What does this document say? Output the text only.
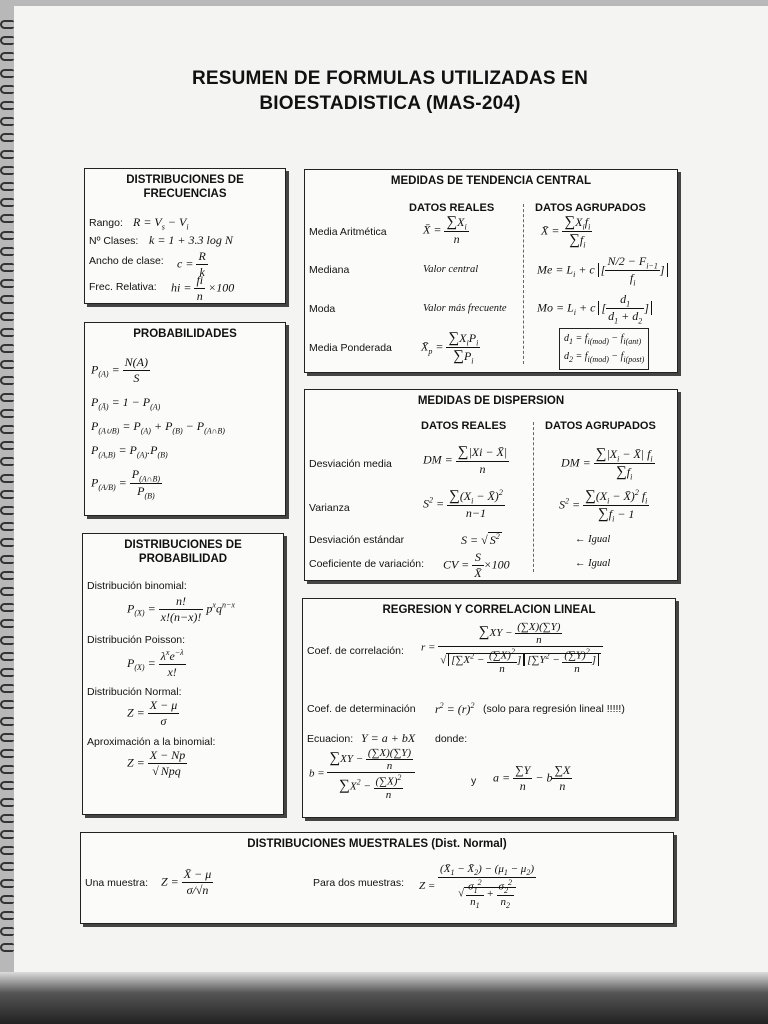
RESUMEN DE FORMULAS UTILIZADAS EN
BIOESTADISTICA (MAS-204)
DISTRIBUCIONES DE
FRECUENCIAS
Rango: $R = V_s - V_i$
Nº Clases: k = 1 + 3.3 log N
Ancho de clase: $c = \frac{R}{k}$
Frec. Relativa: hi = $\frac{fi}{n} \times 100$
MEDIDAS DE TENDENCIA CENTRAL
DATOS REALES	DATOS AGRUPADOS
Media Aritmética	X̄ = $\frac{\sum X_i}{n}$	X̄ = $\frac{\sum X_if_i}{\sum f_i}$
Mediana	Valor central	$Me = L_i + c$ [ $\frac{N/2 - F_{i-1}}{f_i}$ ]
Moda	Valor más frecuente	$Mo = L_i + c$ [ $\frac{d_1}{d_1 + d_2}$ ]
Media Ponderada $X̄_p = \frac{\sum X_iP_i}{\sum P_i}$	$d_1 = f_{i(mod)} - f_{i(ant)}$
$d_2 = f_{i(mod)} - f_{i(post)}$
PROBABILIDADES
$P_{(A)} = \frac{N(A)}{S}$
$P_{(Ā)} = 1 - P_{(A)}$
$P_{(A\cup B)} = P_{(A)} + P_{(B)} - P_{(A\cap B)}$
$P_{(A,B)} = P_{(A)}.P_{(B)}$
$P_{(A/B)} = \frac{P_{(A\cap B)}}{P_{(B)}}$
MEDIDAS DE DISPERSION
DATOS REALES	DATOS AGRUPADOS
Desviación media	DM = $\frac{\sum|Xi - X̄|}{n}$	DM = $\frac{\sum|X_i - X̄| f_i}{\sum f_i}$
Varianza	$S^2 = \frac{\sum(X_i - X̄)^2}{n-1}$	$S^2 = \frac{\sum(X_i - X̄)^2 f_i}{\sum f_i - 1}$
Desviación estándar	S = √ $S^2$	← Igual
Coeficiente de variación: CV = $\frac{S}{X̄} \times 100$	← Igual
DISTRIBUCIONES DE
PROBABILIDAD
Distribución binomial:
$P_{(X)} = \frac{n!}{x!(n-x)!} p^xq^{n-x}$
Distribución Poisson:
$P_{(X)} = \frac{\lambda^xe^{-\lambda}}{x!}$
Distribución Normal:
$Z = \frac{X - \mu}{\sigma}$
Aproximación a la binomial:
$Z = \frac{X - Np}{\text{√ Npq}}$
REGRESION Y CORRELACION LINEAL
Coef. de correlación: $r = \frac{\sum XY - \frac{(\sum X)(\sum Y)}{n}}{√ [\sum X^2 - \frac{(\sum X)^2}{n} ] [\sum Y^2 - \frac{(\sum Y)^2}{n} ]}$
Coef. de determinación $r^2 = (r)^2$ (solo para regresión lineal !!!!!)
Ecuacion: Y = a + bX donde:
$b = \frac{\sum XY - \frac{(\sum X)(\sum Y)}{n}}{\sum X^2 - \frac{(\sum X)^2}{n}}$	y $a = \frac{\sum Y}{n} - b \frac{\sum X}{n}$
DISTRIBUCIONES MUESTRALES (Dist. Normal)
Una muestra: $Z = \frac{X̄ - \mu}{\sigma/√n}$	Para dos muestras: $Z = \frac{(X̄_1 - X̄_2) - (\mu_1 - \mu_2)}{√ \frac{\sigma_1^2}{n_1} + \frac{\sigma_2^2}{n_2}}$
